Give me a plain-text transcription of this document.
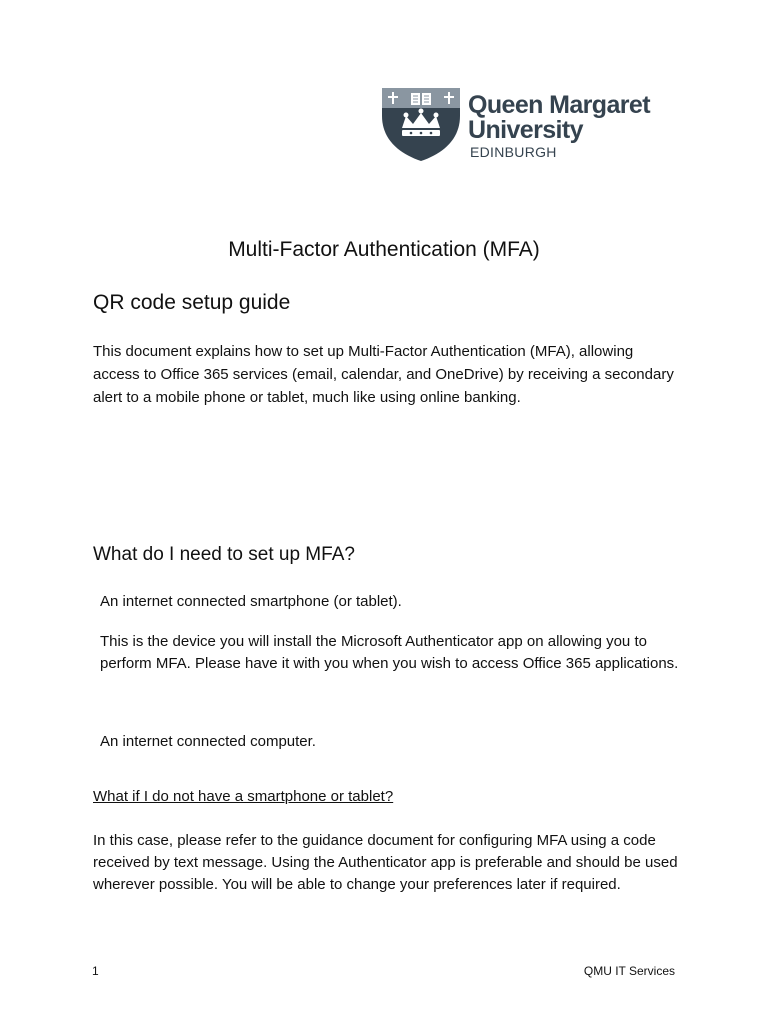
Queen Margaret
University
EDINBURGH
Multi-Factor Authentication (MFA)
QR code setup guide
This document explains how to set up Multi-Factor Authentication (MFA), allowing access to Office 365 services (email, calendar, and OneDrive) by receiving a secondary alert to a mobile phone or tablet, much like using online banking.
What do I need to set up MFA?
An internet connected smartphone (or tablet).
This is the device you will install the Microsoft Authenticator app on allowing you to perform MFA. Please have it with you when you wish to access Office 365 applications.
An internet connected computer.
What if I do not have a smartphone or tablet?
In this case, please refer to the guidance document for configuring MFA using a code received by text message. Using the Authenticator app is preferable and should be used wherever possible. You will be able to change your preferences later if required.
1	QMU IT Services
